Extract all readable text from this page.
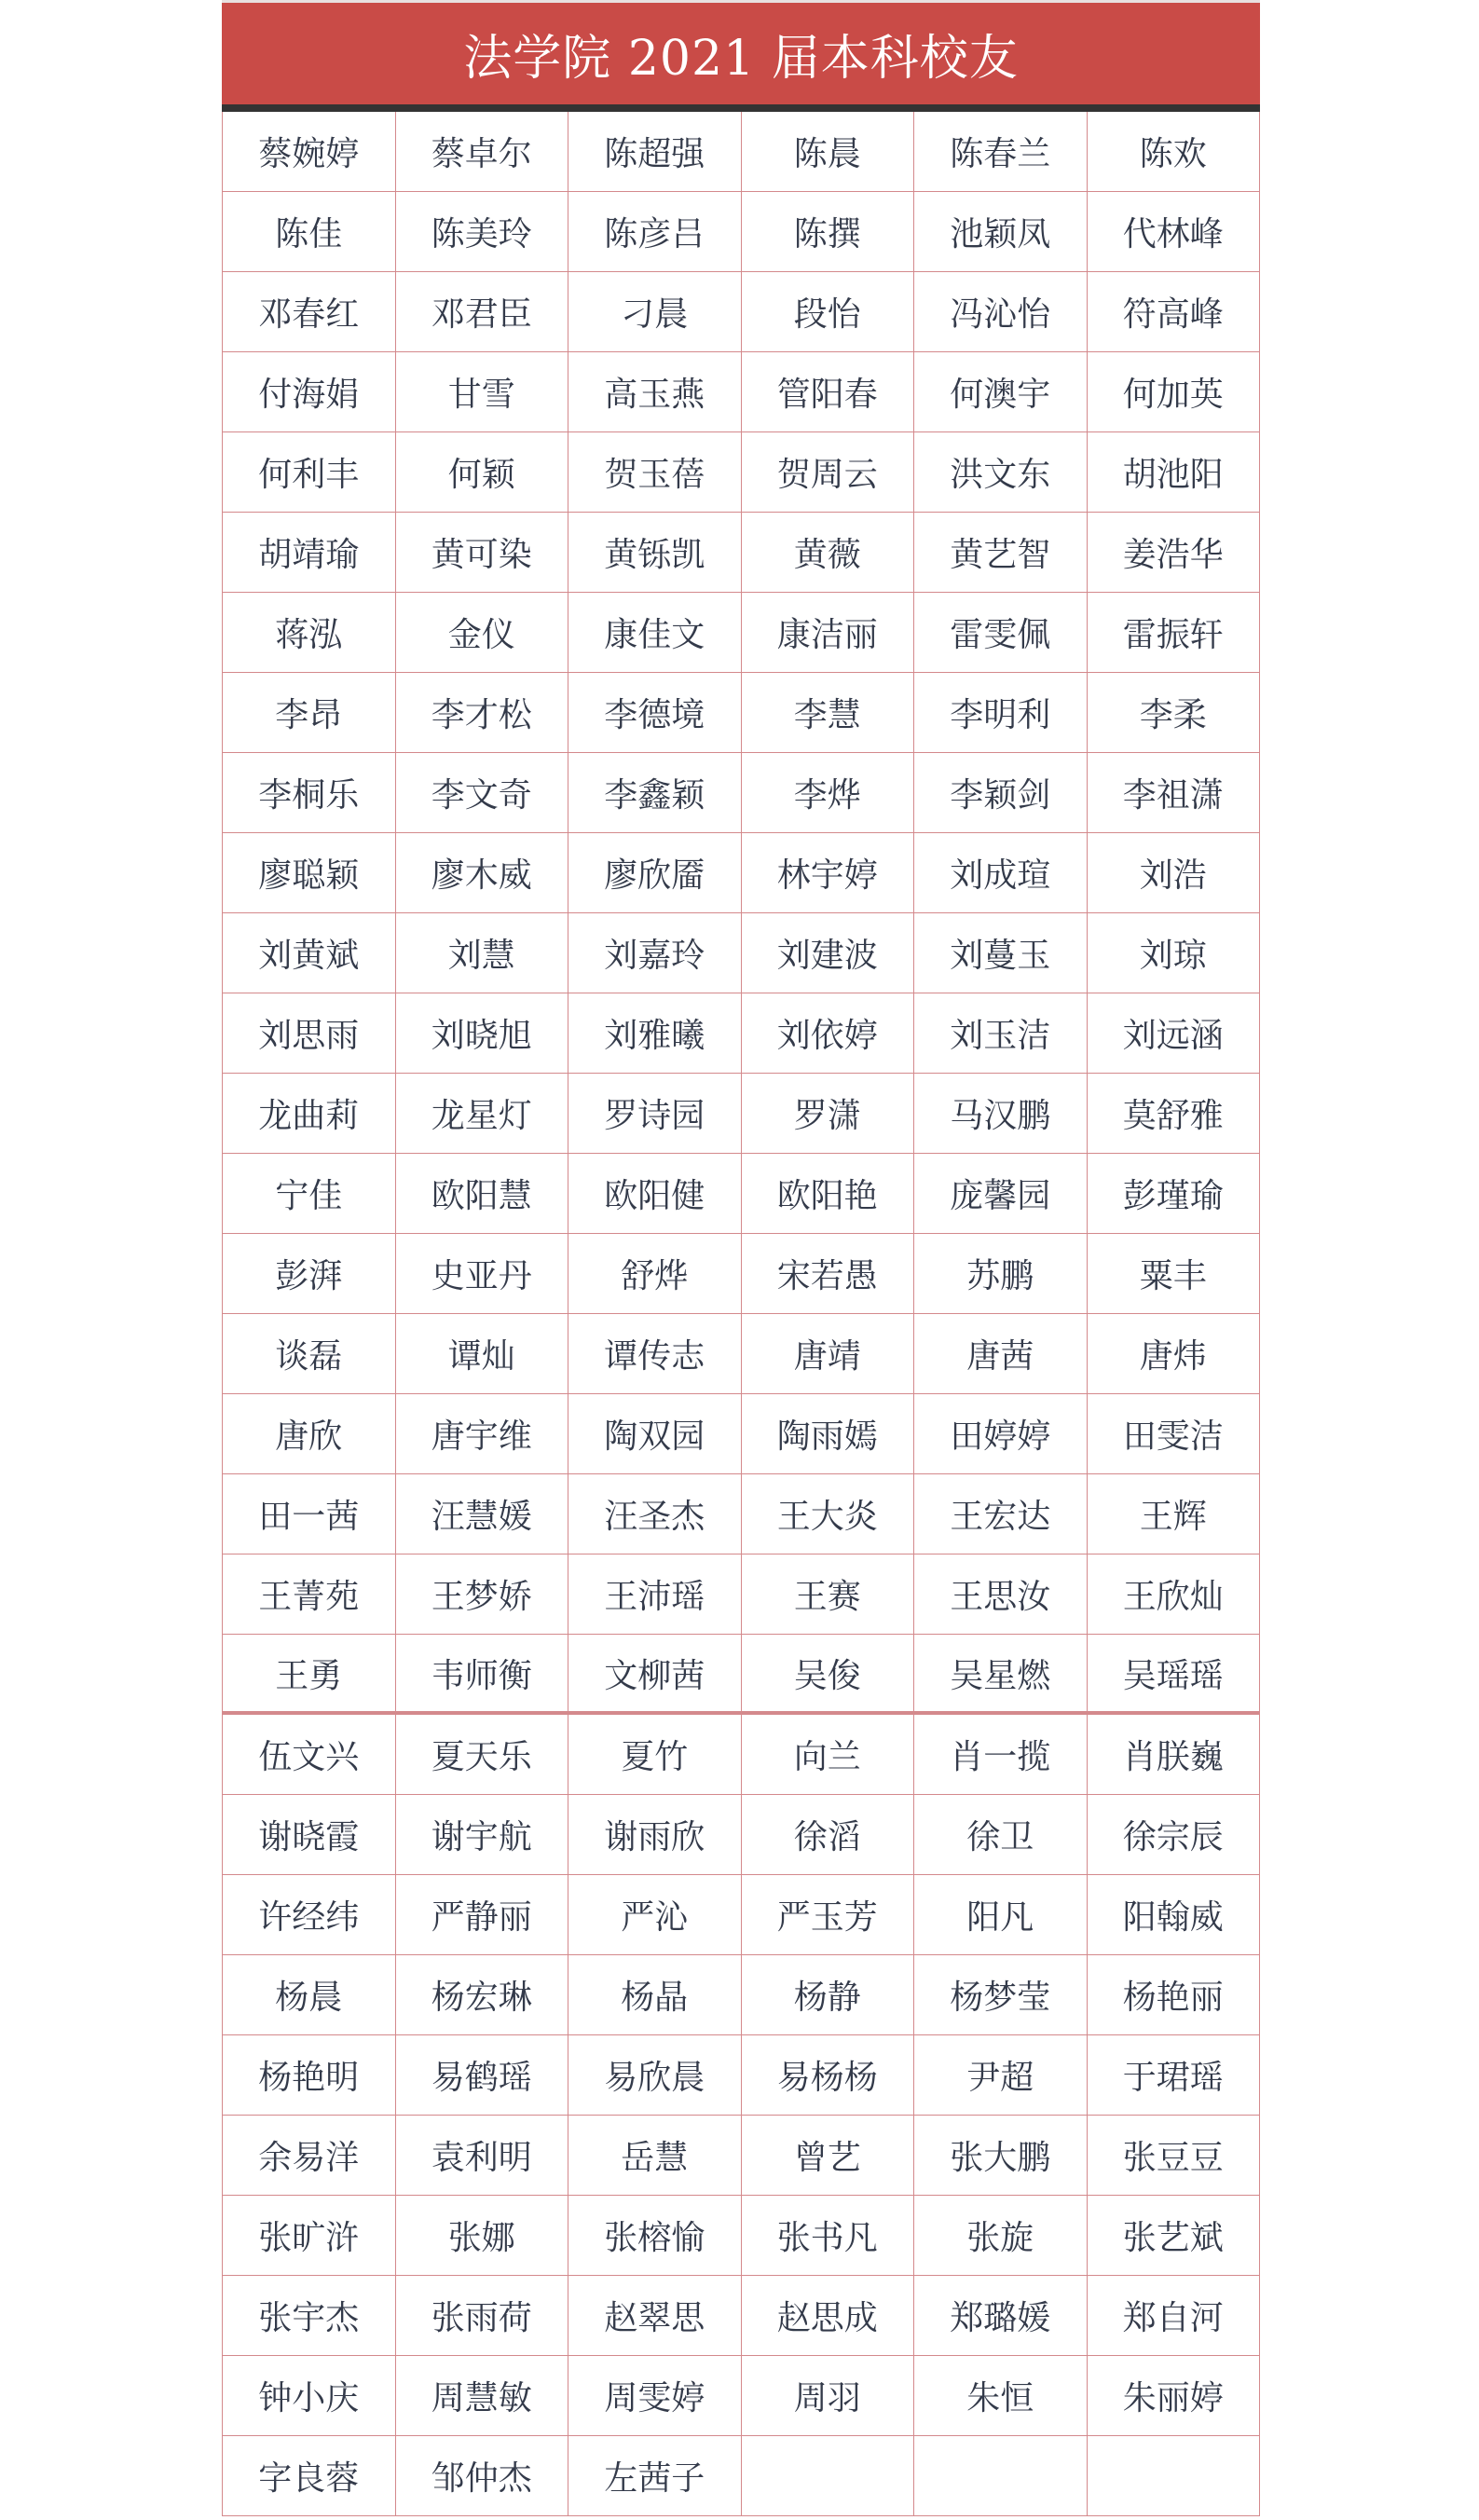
法学院 2021 届本科校友
蔡婉婷	蔡卓尔	陈超强	陈晨	陈春兰	陈欢
陈佳	陈美玲	陈彦吕	陈撰	池颖凤	代林峰
邓春红	邓君臣	刁晨	段怡	冯沁怡	符高峰
付海娟	甘雪	高玉燕	管阳春	何澳宇	何加英
何利丰	何颖	贺玉蓓	贺周云	洪文东	胡池阳
胡靖瑜	黄可染	黄铄凯	黄薇	黄艺智	姜浩华
蒋泓	金仪	康佳文	康洁丽	雷雯佩	雷振轩
李昂	李才松	李德境	李慧	李明利	李柔
李桐乐	李文奇	李鑫颖	李烨	李颖剑	李祖潇
廖聪颖	廖木威	廖欣靥	林宇婷	刘成瑄	刘浩
刘黄斌	刘慧	刘嘉玲	刘建波	刘蔓玉	刘琼
刘思雨	刘晓旭	刘雅曦	刘依婷	刘玉洁	刘远涵
龙曲莉	龙星灯	罗诗园	罗潇	马汉鹏	莫舒雅
宁佳	欧阳慧	欧阳健	欧阳艳	庞馨园	彭瑾瑜
彭湃	史亚丹	舒烨	宋若愚	苏鹏	粟丰
谈磊	谭灿	谭传志	唐靖	唐茜	唐炜
唐欣	唐宇维	陶双园	陶雨嫣	田婷婷	田雯洁
田一茜	汪慧媛	汪圣杰	王大炎	王宏达	王辉
王菁苑	王梦娇	王沛瑶	王赛	王思汝	王欣灿
王勇	韦师衡	文柳茜	吴俊	吴星燃	吴瑶瑶
伍文兴	夏天乐	夏竹	向兰	肖一揽	肖朕巍
谢晓霞	谢宇航	谢雨欣	徐滔	徐卫	徐宗辰
许经纬	严静丽	严沁	严玉芳	阳凡	阳翰威
杨晨	杨宏琳	杨晶	杨静	杨梦莹	杨艳丽
杨艳明	易鹤瑶	易欣晨	易杨杨	尹超	于珺瑶
余易洋	袁利明	岳慧	曾艺	张大鹏	张豆豆
张旷浒	张娜	张榕愉	张书凡	张旋	张艺斌
张宇杰	张雨荷	赵翠思	赵思成	郑璐媛	郑自河
钟小庆	周慧敏	周雯婷	周羽	朱恒	朱丽婷
字良蓉	邹仲杰	左茜子
